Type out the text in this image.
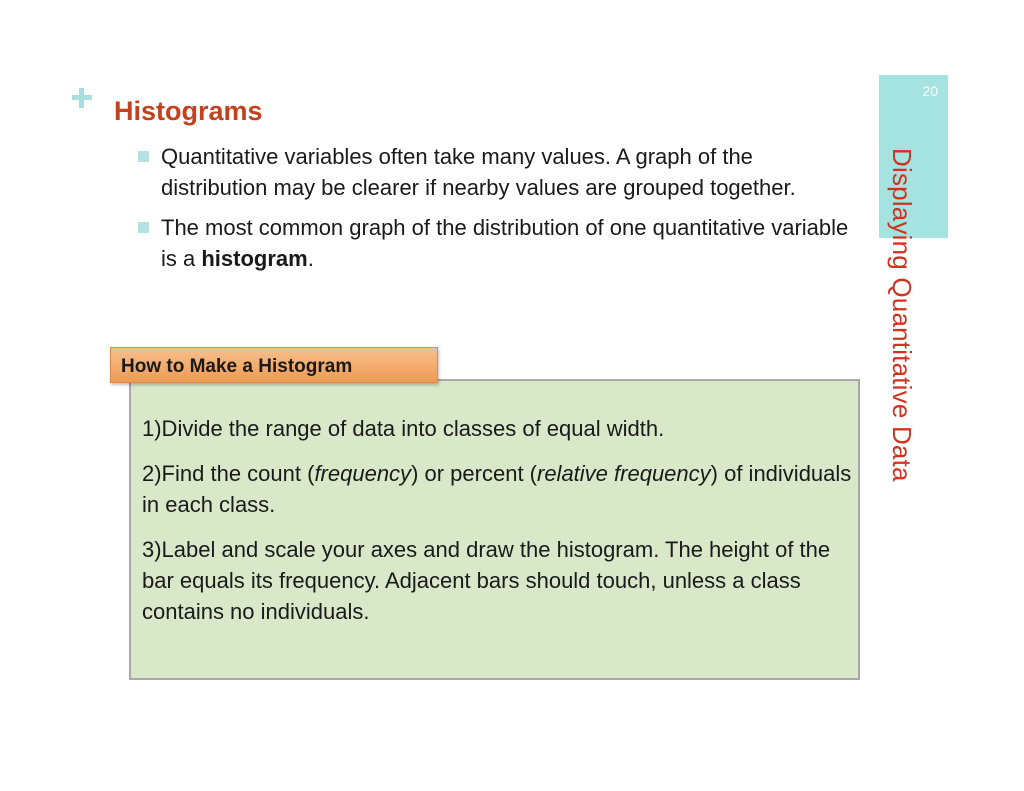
20
Histograms
Quantitative variables often take many values. A graph of the distribution may be clearer if nearby values are grouped together.
The most common graph of the distribution of one quantitative variable is a histogram.	Displaying Quantitative Data
How to Make a Histogram
1)Divide the range of data into classes of equal width.
2)Find the count (frequency) or percent (relative frequency) of individuals in each class.
3)Label and scale your axes and draw the histogram. The height of the bar equals its frequency. Adjacent bars should touch, unless a class contains no individuals.
